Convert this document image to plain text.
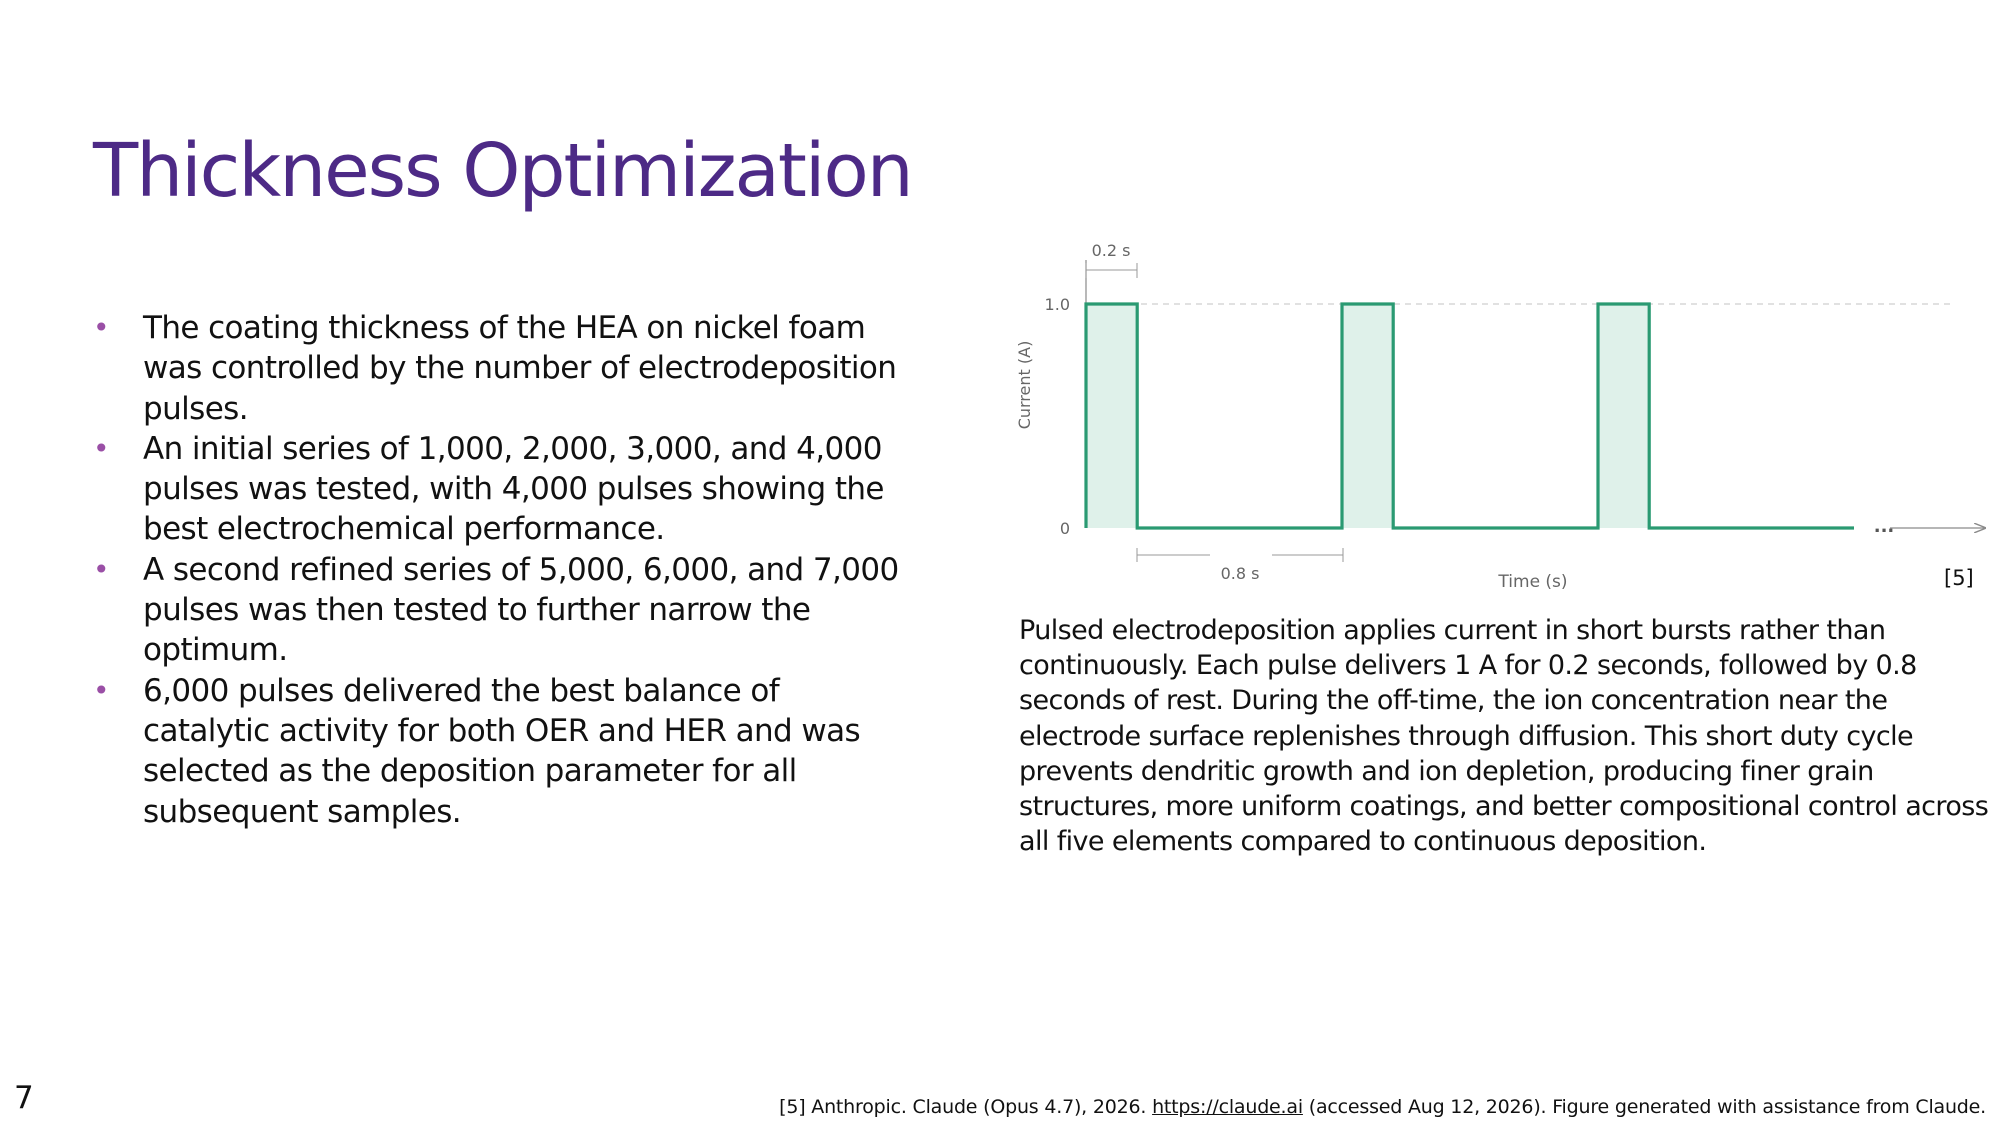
Thickness Optimization
• The coating thickness of the HEA on nickel foam was controlled by the number of electrodeposition pulses.
• An initial series of 1,000, 2,000, 3,000, and 4,000 pulses was tested, with 4,000 pulses showing the best electrochemical performance.
• A second refined series of 5,000, 6,000, and 7,000 pulses was then tested to further narrow the optimum.
• 6,000 pulses delivered the best balance of catalytic activity for both OER and HER and was selected as the deposition parameter for all subsequent samples.
0
1.0
Current (A)
Time (s)
0.2 s
0.8 s
...
[5]

Pulsed electrodeposition applies current in short bursts rather than continuously. Each pulse delivers 1 A for 0.2 seconds, followed by 0.8 seconds of rest. During the off-time, the ion concentration near the electrode surface replenishes through diffusion. This short duty cycle prevents dendritic growth and ion depletion, producing finer grain structures, more uniform coatings, and better compositional control across all five elements compared to continuous deposition.

7	[5] Anthropic. Claude (Opus 4.7), 2026. https://claude.ai (accessed Aug 12, 2026). Figure generated with assistance from Claude.
